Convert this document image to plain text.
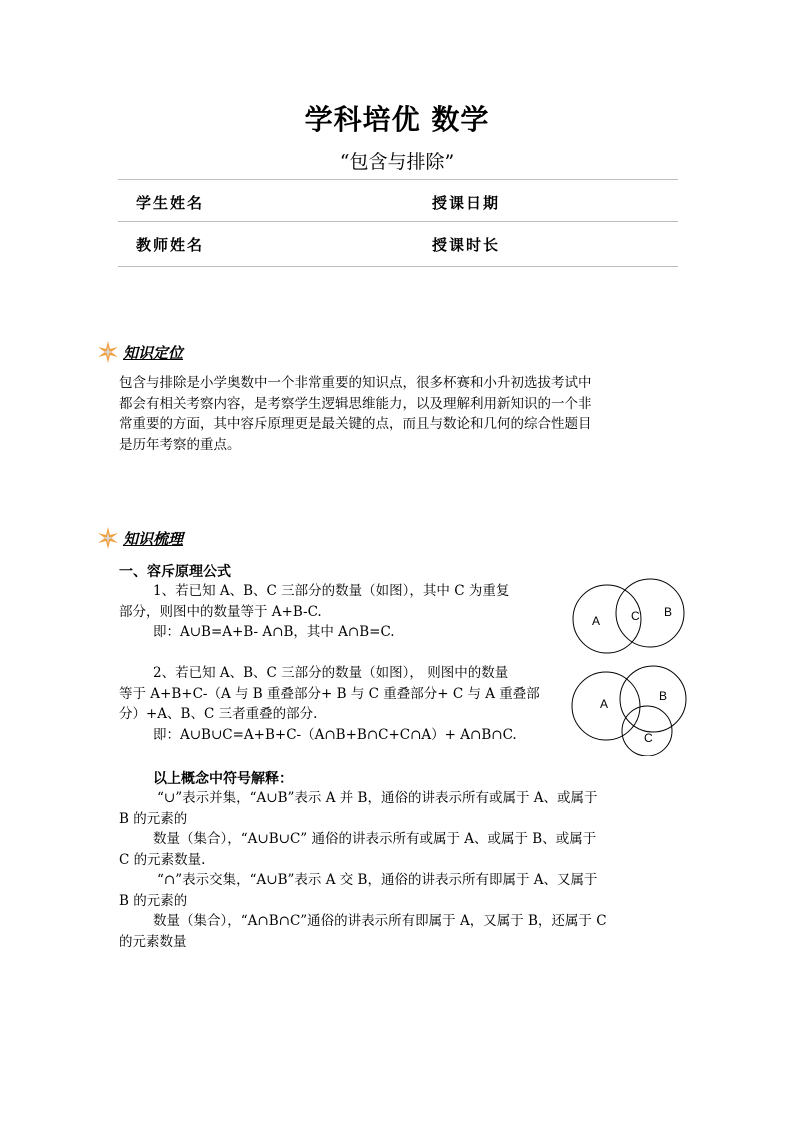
学科培优 数学
“包含与排除”
学生姓名	授课日期
教师姓名	授课时长
知识定位
包含与排除是小学奥数中一个非常重要的知识点，很多杯赛和小升初选拔考试中
都会有相关考察内容，是考察学生逻辑思维能力，以及理解利用新知识的一个非
常重要的方面，其中容斥原理更是最关键的点，而且与数论和几何的综合性题目
是历年考察的重点。
知识梳理
一、容斥原理公式
1、若已知 A、B、C 三部分的数量（如图），其中 C 为重复
部分，则图中的数量等于 A+B-C.
即：A∪B=A+B- A∩B，其中 A∩B=C.
A	C B
2、若已知 A、B、C 三部分的数量（如图）， 则图中的数量
等于 A+B+C-（A 与 B 重叠部分+ B 与 C 重叠部分+ C 与 A 重叠部
分）+A、B、C 三者重叠的部分.
即：A∪B∪C=A+B+C-（A∩B+B∩C+C∩A）+ A∩B∩C.
A
B
C
以上概念中符号解释：
“∪”表示并集，“A∪B”表示 A 并 B，通俗的讲表示所有或属于 A、或属于
B 的元素的
数量（集合），“A∪B∪C” 通俗的讲表示所有或属于 A、或属于 B、或属于
C 的元素数量.
“∩”表示交集，“A∪B”表示 A 交 B，通俗的讲表示所有即属于 A、又属于
B 的元素的
数量（集合），“A∩B∩C”通俗的讲表示所有即属于 A，又属于 B，还属于 C
的元素数量
